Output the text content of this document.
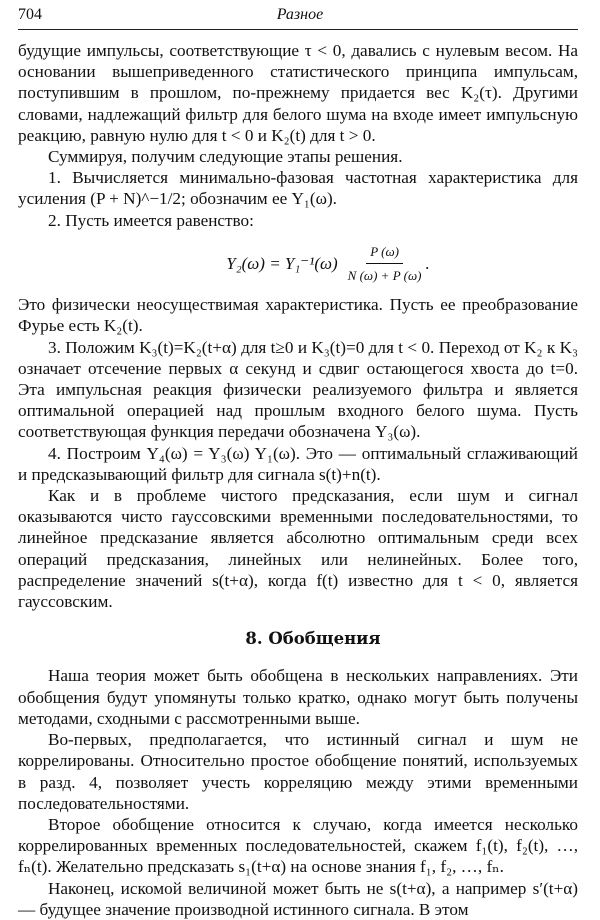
704	Разное

будущие импульсы, соответствующие τ < 0, давались с нулевым весом. На основании вышеприведенного статистического принципа импульсам, поступившим в прошлом, по-прежнему придается вес K₂(τ). Другими словами, надлежащий фильтр для белого шума на входе имеет импульсную реакцию, равную нулю для t < 0 и K₂(t) для t > 0.

Суммируя, получим следующие этапы решения.

1. Вычисляется минимально-фазовая частотная характеристика для усиления (P + N)^−1/2; обозначим ее Y₁(ω).

2. Пусть имеется равенство:

$Y_2(\omega) = Y_1^{-1}(\omega) \frac{P (\omega)}{N (\omega) + P (\omega)}$ .

Это физически неосуществимая характеристика. Пусть ее преобразование Фурье есть K₂(t).

3. Положим K₃(t)=K₂(t+α) для t≥0 и K₃(t)=0 для t < 0. Переход от K₂ к K₃ означает отсечение первых α секунд и сдвиг остающегося хвоста до t=0. Эта импульсная реакция физически реализуемого фильтра и является оптимальной операцией над прошлым входного белого шума. Пусть соответствующая функция передачи обозначена Y₃(ω).

4. Построим Y₄(ω) = Y₃(ω) Y₁(ω). Это — оптимальный сглаживающий и предсказывающий фильтр для сигнала s(t)+n(t).

Как и в проблеме чистого предсказания, если шум и сигнал оказываются чисто гауссовскими временными последовательностями, то линейное предсказание является абсолютно оптимальным среди всех операций предсказания, линейных или нелинейных. Более того, распределение значений s(t+α), когда f(t) известно для t < 0, является гауссовским.

8. Обобщения

Наша теория может быть обобщена в нескольких направлениях. Эти обобщения будут упомянуты только кратко, однако могут быть получены методами, сходными с рассмотренными выше.

Во-первых, предполагается, что истинный сигнал и шум не коррелированы. Относительно простое обобщение понятий, используемых в разд. 4, позволяет учесть корреляцию между этими временными последовательностями.

Второе обобщение относится к случаю, когда имеется несколько коррелированных временных последовательностей, скажем f₁(t), f₂(t), …, fₙ(t). Желательно предсказать s₁(t+α) на основе знания f₁, f₂, …, fₙ.

Наконец, искомой величиной может быть не s(t+α), а например s′(t+α) — будущее значение производной истинного сигнала. В этом
